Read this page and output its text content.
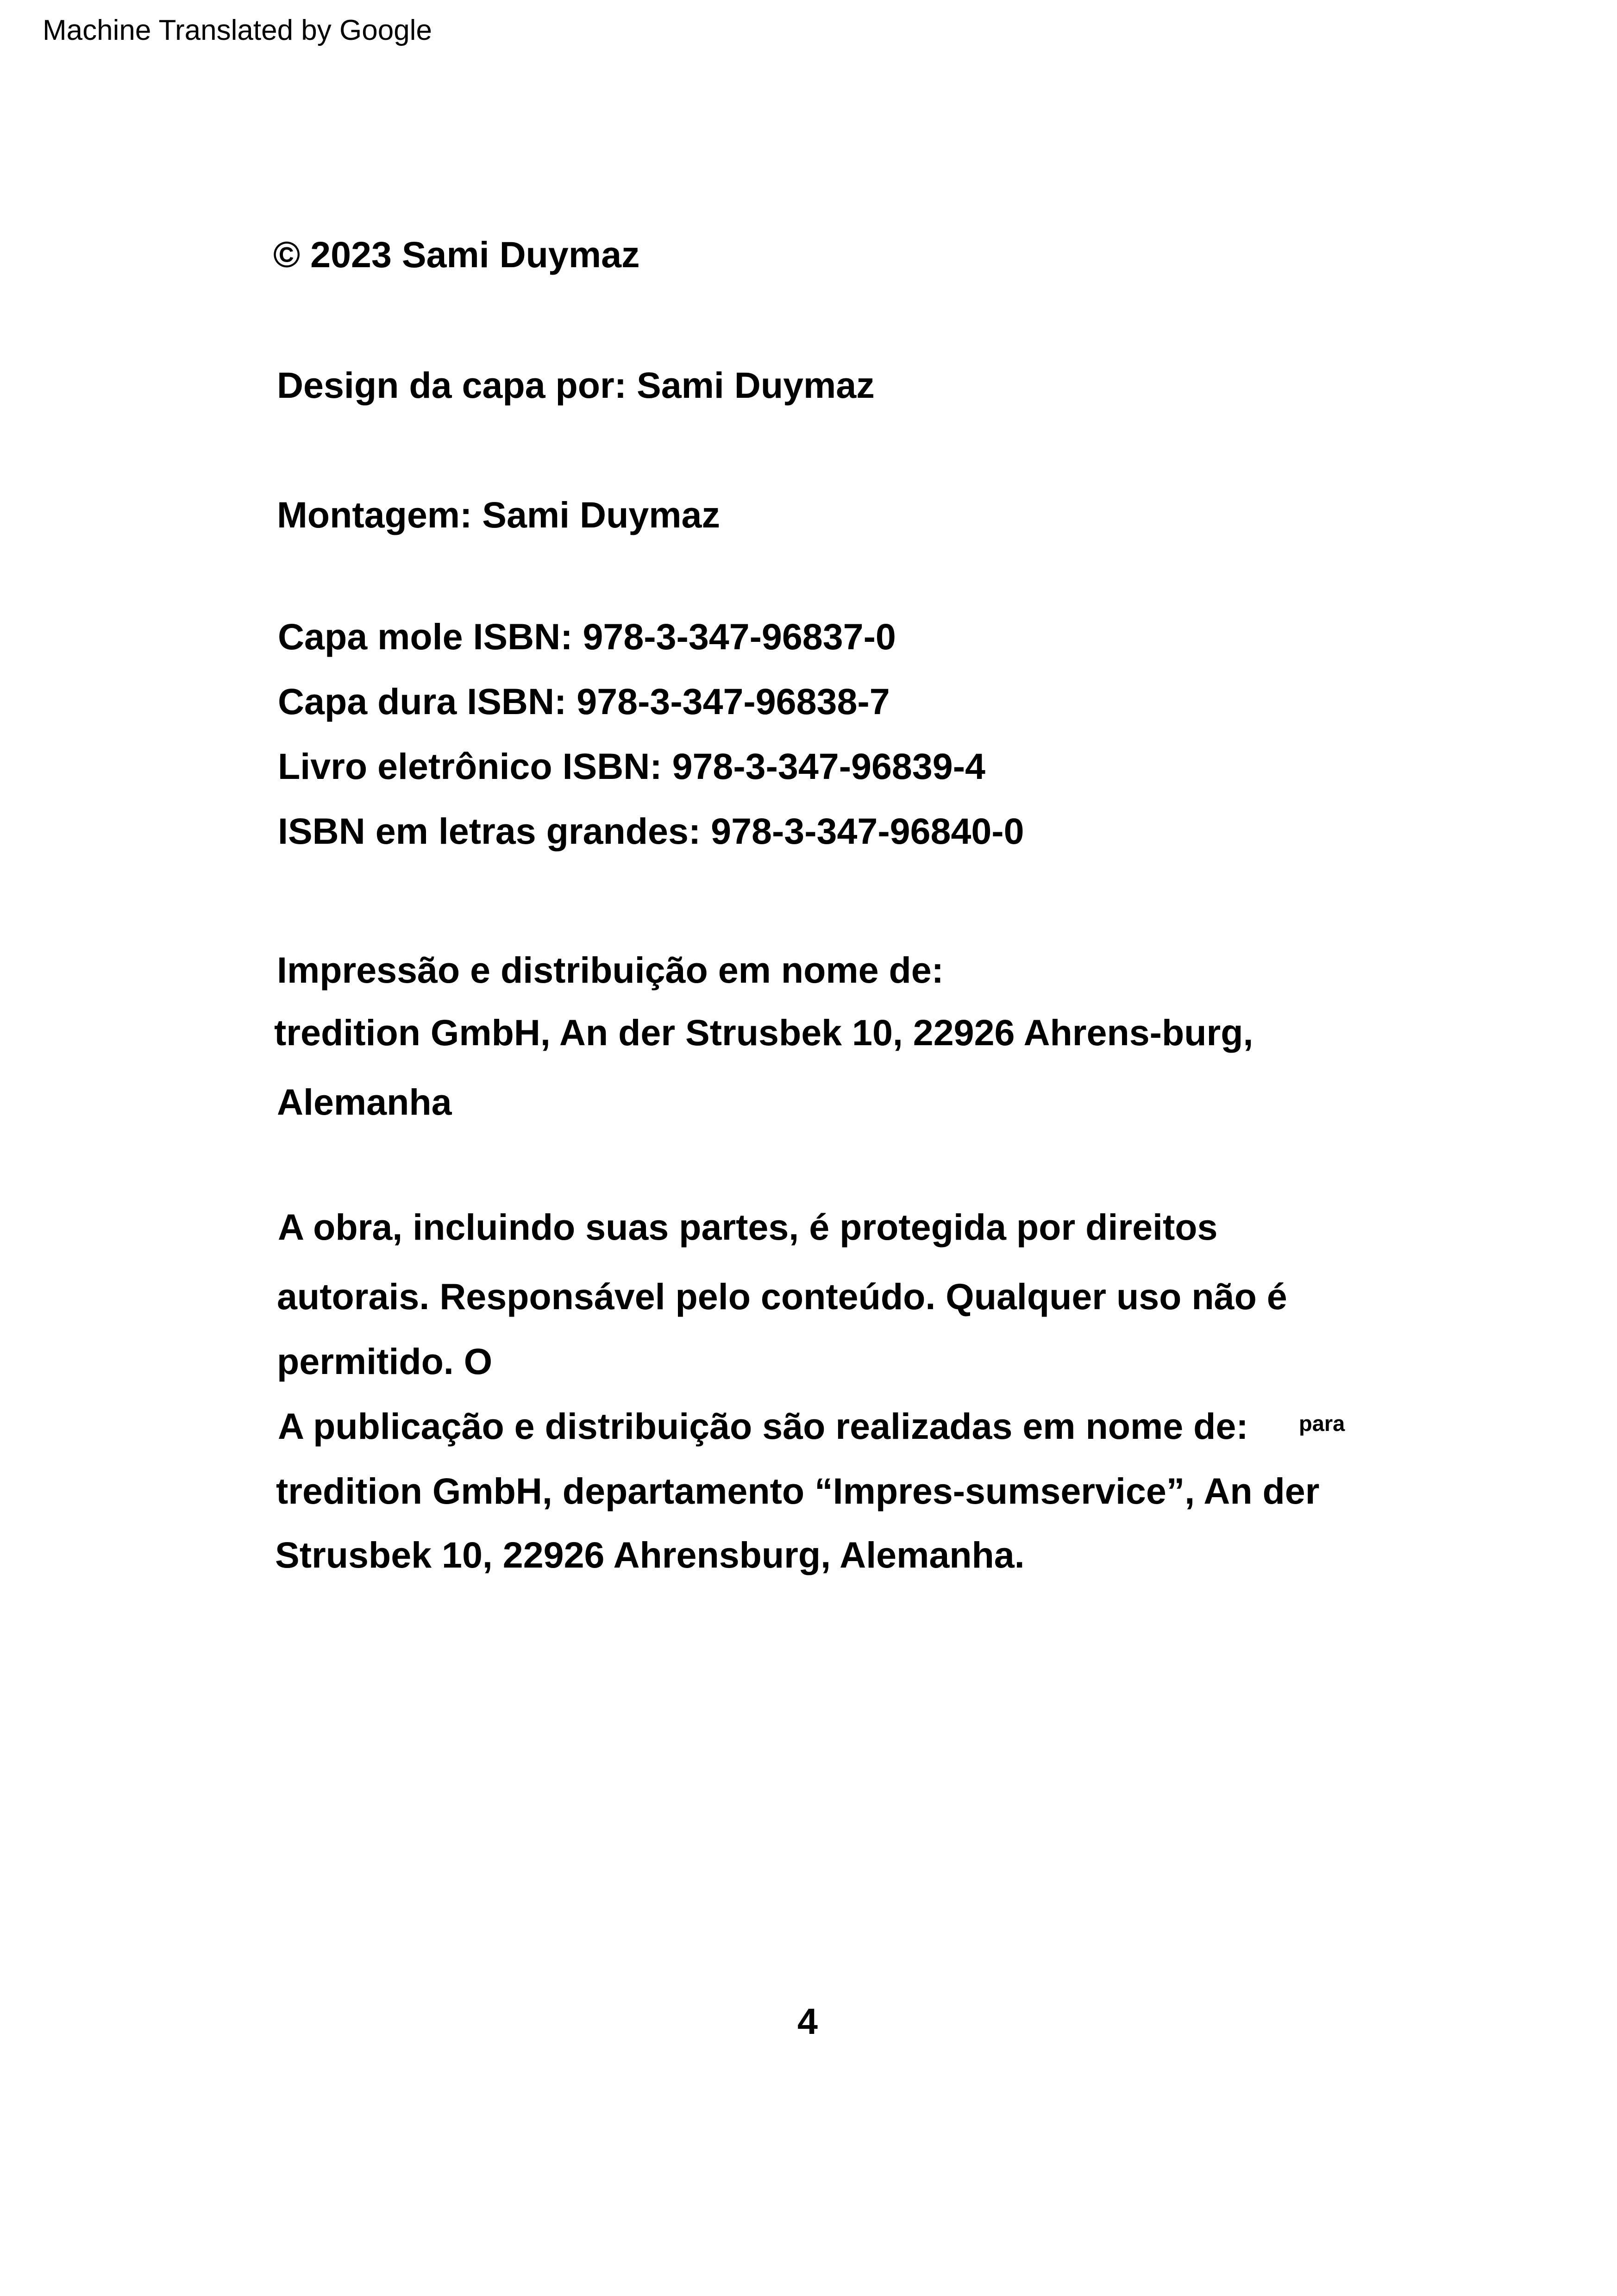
Machine Translated by Google
© 2023 Sami Duymaz
Design da capa por: Sami Duymaz
Montagem: Sami Duymaz
Capa mole ISBN: 978-3-347-96837-0
Capa dura ISBN: 978-3-347-96838-7
Livro eletrônico ISBN: 978-3-347-96839-4
ISBN em letras grandes: 978-3-347-96840-0
Impressão e distribuição em nome de:
tredition GmbH, An der Strusbek 10, 22926 Ahrens-burg,
Alemanha
A obra, incluindo suas partes, é protegida por direitos
autorais. Responsável pelo conteúdo. Qualquer uso não é
permitido. O
A publicação e distribuição são realizadas em nome de: para
tredition GmbH, departamento “Impres-sumservice”, An der
Strusbek 10, 22926 Ahrensburg, Alemanha.
4
